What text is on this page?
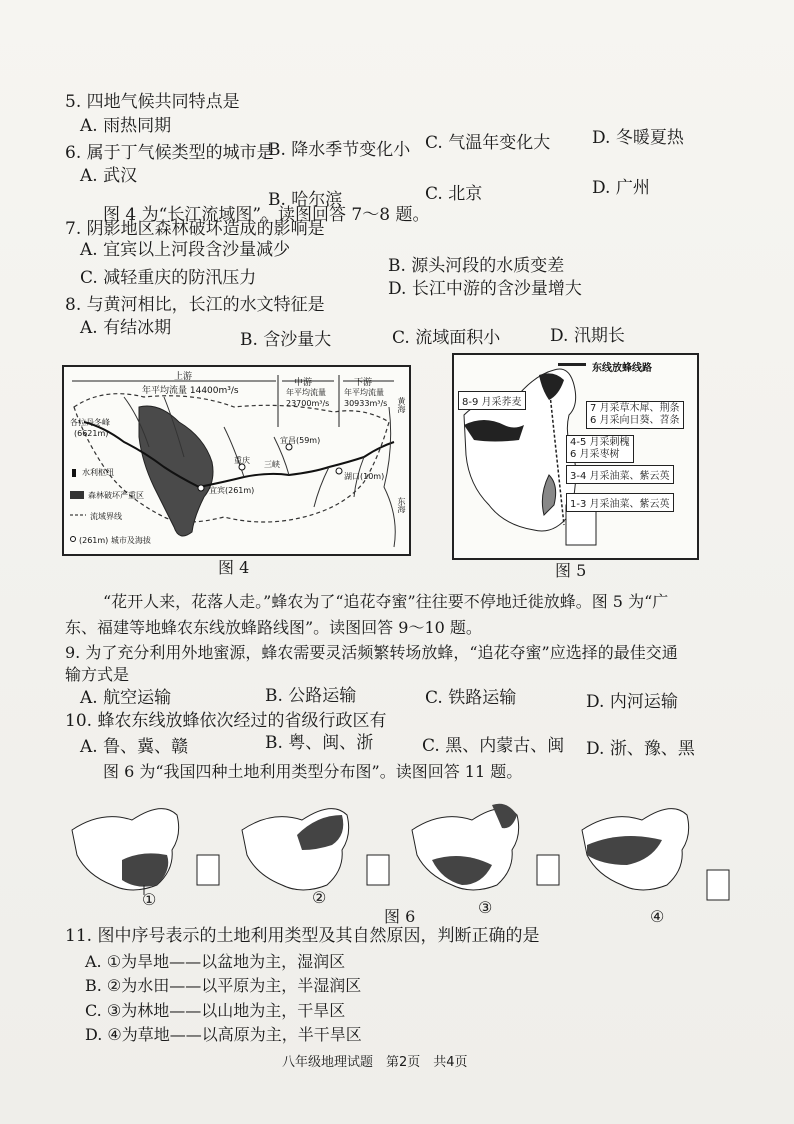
5. 四地气候共同特点是
A. 雨热同期
B. 降水季节变化小 C. 气温年变化大 D. 冬暖夏热
6. 属于丁气候类型的城市是
A. 武汉
B. 哈尔滨	C. 北京	D. 广州
图 4 为“长江流域图”。读图回答 7～8 题。
7. 阴影地区森林破坏造成的影响是
A. 宜宾以上河段含沙量减少
B. 源头河段的水质变差
C. 减轻重庆的防汛压力
D. 长江中游的含沙量增大
8. 与黄河相比，长江的水文特征是
A. 有结冰期
B. 含沙量大	C. 流域面积小	D. 汛期长
上游
年平均流量 14400m³/s
中游
年平均流量
23700m³/s
下游
年平均流量
30933m³/s
各拉丹冬峰
(6621m)
水利枢纽
森林破坏严重区
流域界线
(261m) 城市及海拔
重庆
宜宾(261m)
宜昌(59m)
三峡
湖口(10m)
东海
黄海
图 4
东线放蜂线路
8-9 月采荞麦
7 月采草木犀、荆条
6 月采向日葵、苕条
4-5 月采刺槐
6 月采枣树
3-4 月采油菜、紫云英
1-3 月采油菜、紫云英
图 5
“花开人来，花落人走。”蜂农为了“追花夺蜜”往往要不停地迁徙放蜂。图 5 为“广
东、福建等地蜂农东线放蜂路线图”。读图回答 9～10 题。
9. 为了充分利用外地蜜源，蜂农需要灵活频繁转场放蜂，“追花夺蜜”应选择的最佳交通
输方式是
A. 航空运输	B. 公路运输	C. 铁路运输	D. 内河运输
10. 蜂农东线放蜂依次经过的省级行政区有
A. 鲁、冀、赣	B. 粤、闽、浙	C. 黑、内蒙古、闽 D. 浙、豫、黑
图 6 为“我国四种土地利用类型分布图”。读图回答 11 题。
①	②
③	④
图 6
11. 图中序号表示的土地利用类型及其自然原因，判断正确的是
A. ①为旱地——以盆地为主，湿润区
B. ②为水田——以平原为主，半湿润区
C. ③为林地——以山地为主，干旱区
D. ④为草地——以高原为主，半干旱区
八年级地理试题　第2页　共4页
